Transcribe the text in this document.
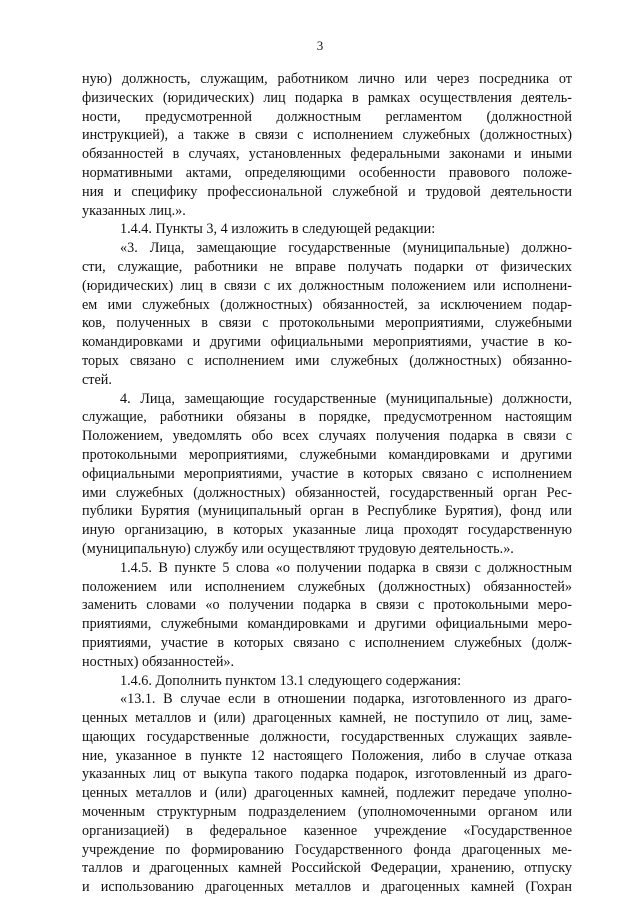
3
ную) должность, служащим, работником лично или через посредника от
физических (юридических) лиц подарка в рамках осуществления деятель-
ности, предусмотренной должностным регламентом (должностной
инструкцией), а также в связи с исполнением служебных (должностных)
обязанностей в случаях, установленных федеральными законами и иными
нормативными актами, определяющими особенности правового положе-
ния и специфику профессиональной служебной и трудовой деятельности
указанных лиц.».
1.4.4. Пункты 3, 4 изложить в следующей редакции:
«3. Лица, замещающие государственные (муниципальные) должно-
сти, служащие, работники не вправе получать подарки от физических
(юридических) лиц в связи с их должностным положением или исполнени-
ем ими служебных (должностных) обязанностей, за исключением подар-
ков, полученных в связи с протокольными мероприятиями, служебными
командировками и другими официальными мероприятиями, участие в ко-
торых связано с исполнением ими служебных (должностных) обязанно-
стей.
4. Лица, замещающие государственные (муниципальные) должности,
служащие, работники обязаны в порядке, предусмотренном настоящим
Положением, уведомлять обо всех случаях получения подарка в связи с
протокольными мероприятиями, служебными командировками и другими
официальными мероприятиями, участие в которых связано с исполнением
ими служебных (должностных) обязанностей, государственный орган Рес-
публики Бурятия (муниципальный орган в Республике Бурятия), фонд или
иную организацию, в которых указанные лица проходят государственную
(муниципальную) службу или осуществляют трудовую деятельность.».
1.4.5. В пункте 5 слова «о получении подарка в связи с должностным
положением или исполнением служебных (должностных) обязанностей»
заменить словами «о получении подарка в связи с протокольными меро-
приятиями, служебными командировками и другими официальными меро-
приятиями, участие в которых связано с исполнением служебных (долж-
ностных) обязанностей».
1.4.6. Дополнить пунктом 13.1 следующего содержания:
«13.1. В случае если в отношении подарка, изготовленного из драго-
ценных металлов и (или) драгоценных камней, не поступило от лиц, заме-
щающих государственные должности, государственных служащих заявле-
ние, указанное в пункте 12 настоящего Положения, либо в случае отказа
указанных лиц от выкупа такого подарка подарок, изготовленный из драго-
ценных металлов и (или) драгоценных камней, подлежит передаче уполно-
моченным структурным подразделением (уполномоченными органом или
организацией) в федеральное казенное учреждение «Государственное
учреждение по формированию Государственного фонда драгоценных ме-
таллов и драгоценных камней Российской Федерации, хранению, отпуску
и использованию драгоценных металлов и драгоценных камней (Гохран
